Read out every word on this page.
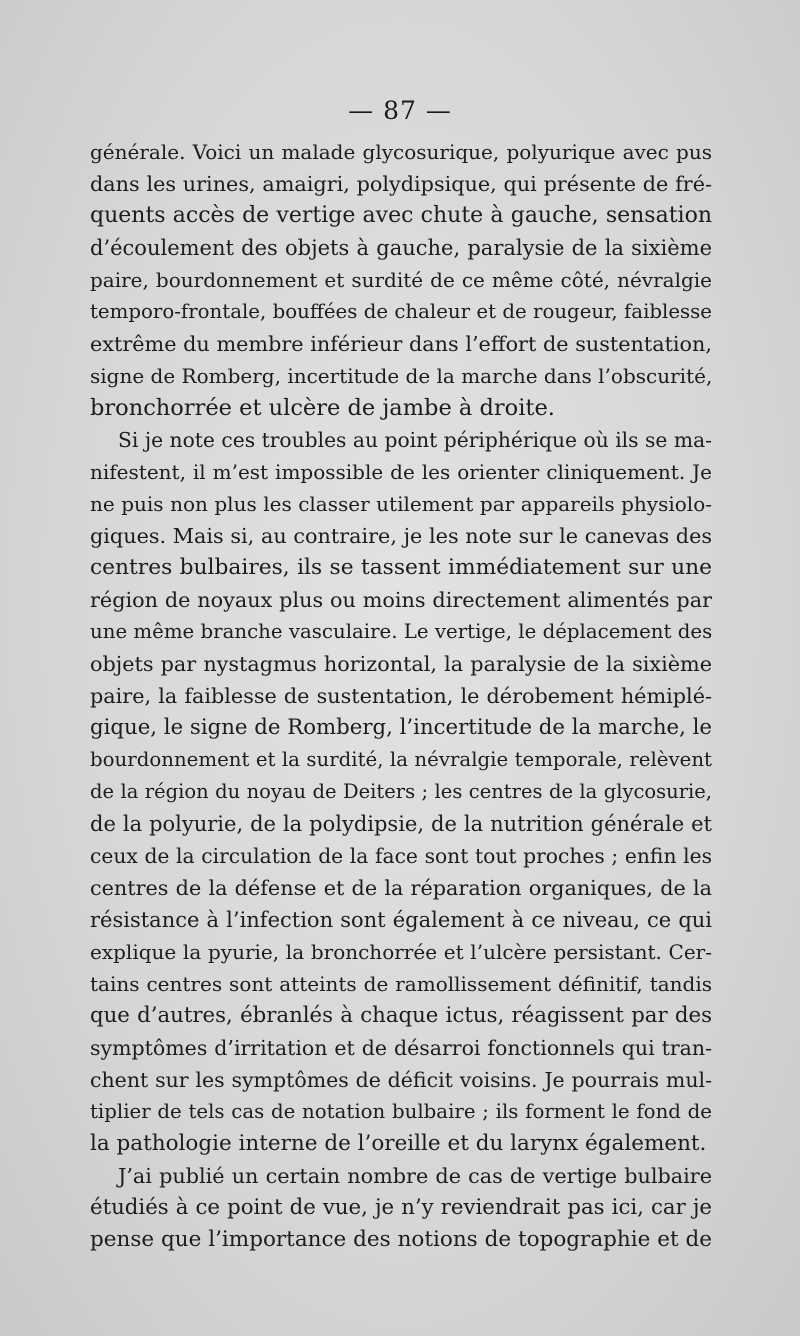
— 87 —
générale. Voici un malade glycosurique, polyurique avec pus
dans les urines, amaigri, polydipsique, qui présente de fré-
quents accès de vertige avec chute à gauche, sensation
d’écoulement des objets à gauche, paralysie de la sixième
paire, bourdonnement et surdité de ce même côté, névralgie
temporo-frontale, bouffées de chaleur et de rougeur, faiblesse
extrême du membre inférieur dans l’effort de sustentation,
signe de Romberg, incertitude de la marche dans l’obscurité,
bronchorrée et ulcère de jambe à droite.
Si je note ces troubles au point périphérique où ils se ma-
nifestent, il m’est impossible de les orienter cliniquement. Je
ne puis non plus les classer utilement par appareils physiolo-
giques. Mais si, au contraire, je les note sur le canevas des
centres bulbaires, ils se tassent immédiatement sur une
région de noyaux plus ou moins directement alimentés par
une même branche vasculaire. Le vertige, le déplacement des
objets par nystagmus horizontal, la paralysie de la sixième
paire, la faiblesse de sustentation, le dérobement hémiplé-
gique, le signe de Romberg, l’incertitude de la marche, le
bourdonnement et la surdité, la névralgie temporale, relèvent
de la région du noyau de Deiters ; les centres de la glycosurie,
de la polyurie, de la polydipsie, de la nutrition générale et
ceux de la circulation de la face sont tout proches ; enfin les
centres de la défense et de la réparation organiques, de la
résistance à l’infection sont également à ce niveau, ce qui
explique la pyurie, la bronchorrée et l’ulcère persistant. Cer-
tains centres sont atteints de ramollissement définitif, tandis
que d’autres, ébranlés à chaque ictus, réagissent par des
symptômes d’irritation et de désarroi fonctionnels qui tran-
chent sur les symptômes de déficit voisins. Je pourrais mul-
tiplier de tels cas de notation bulbaire ; ils forment le fond de
la pathologie interne de l’oreille et du larynx également.
J’ai publié un certain nombre de cas de vertige bulbaire
étudiés à ce point de vue, je n’y reviendrait pas ici, car je
pense que l’importance des notions de topographie et de
